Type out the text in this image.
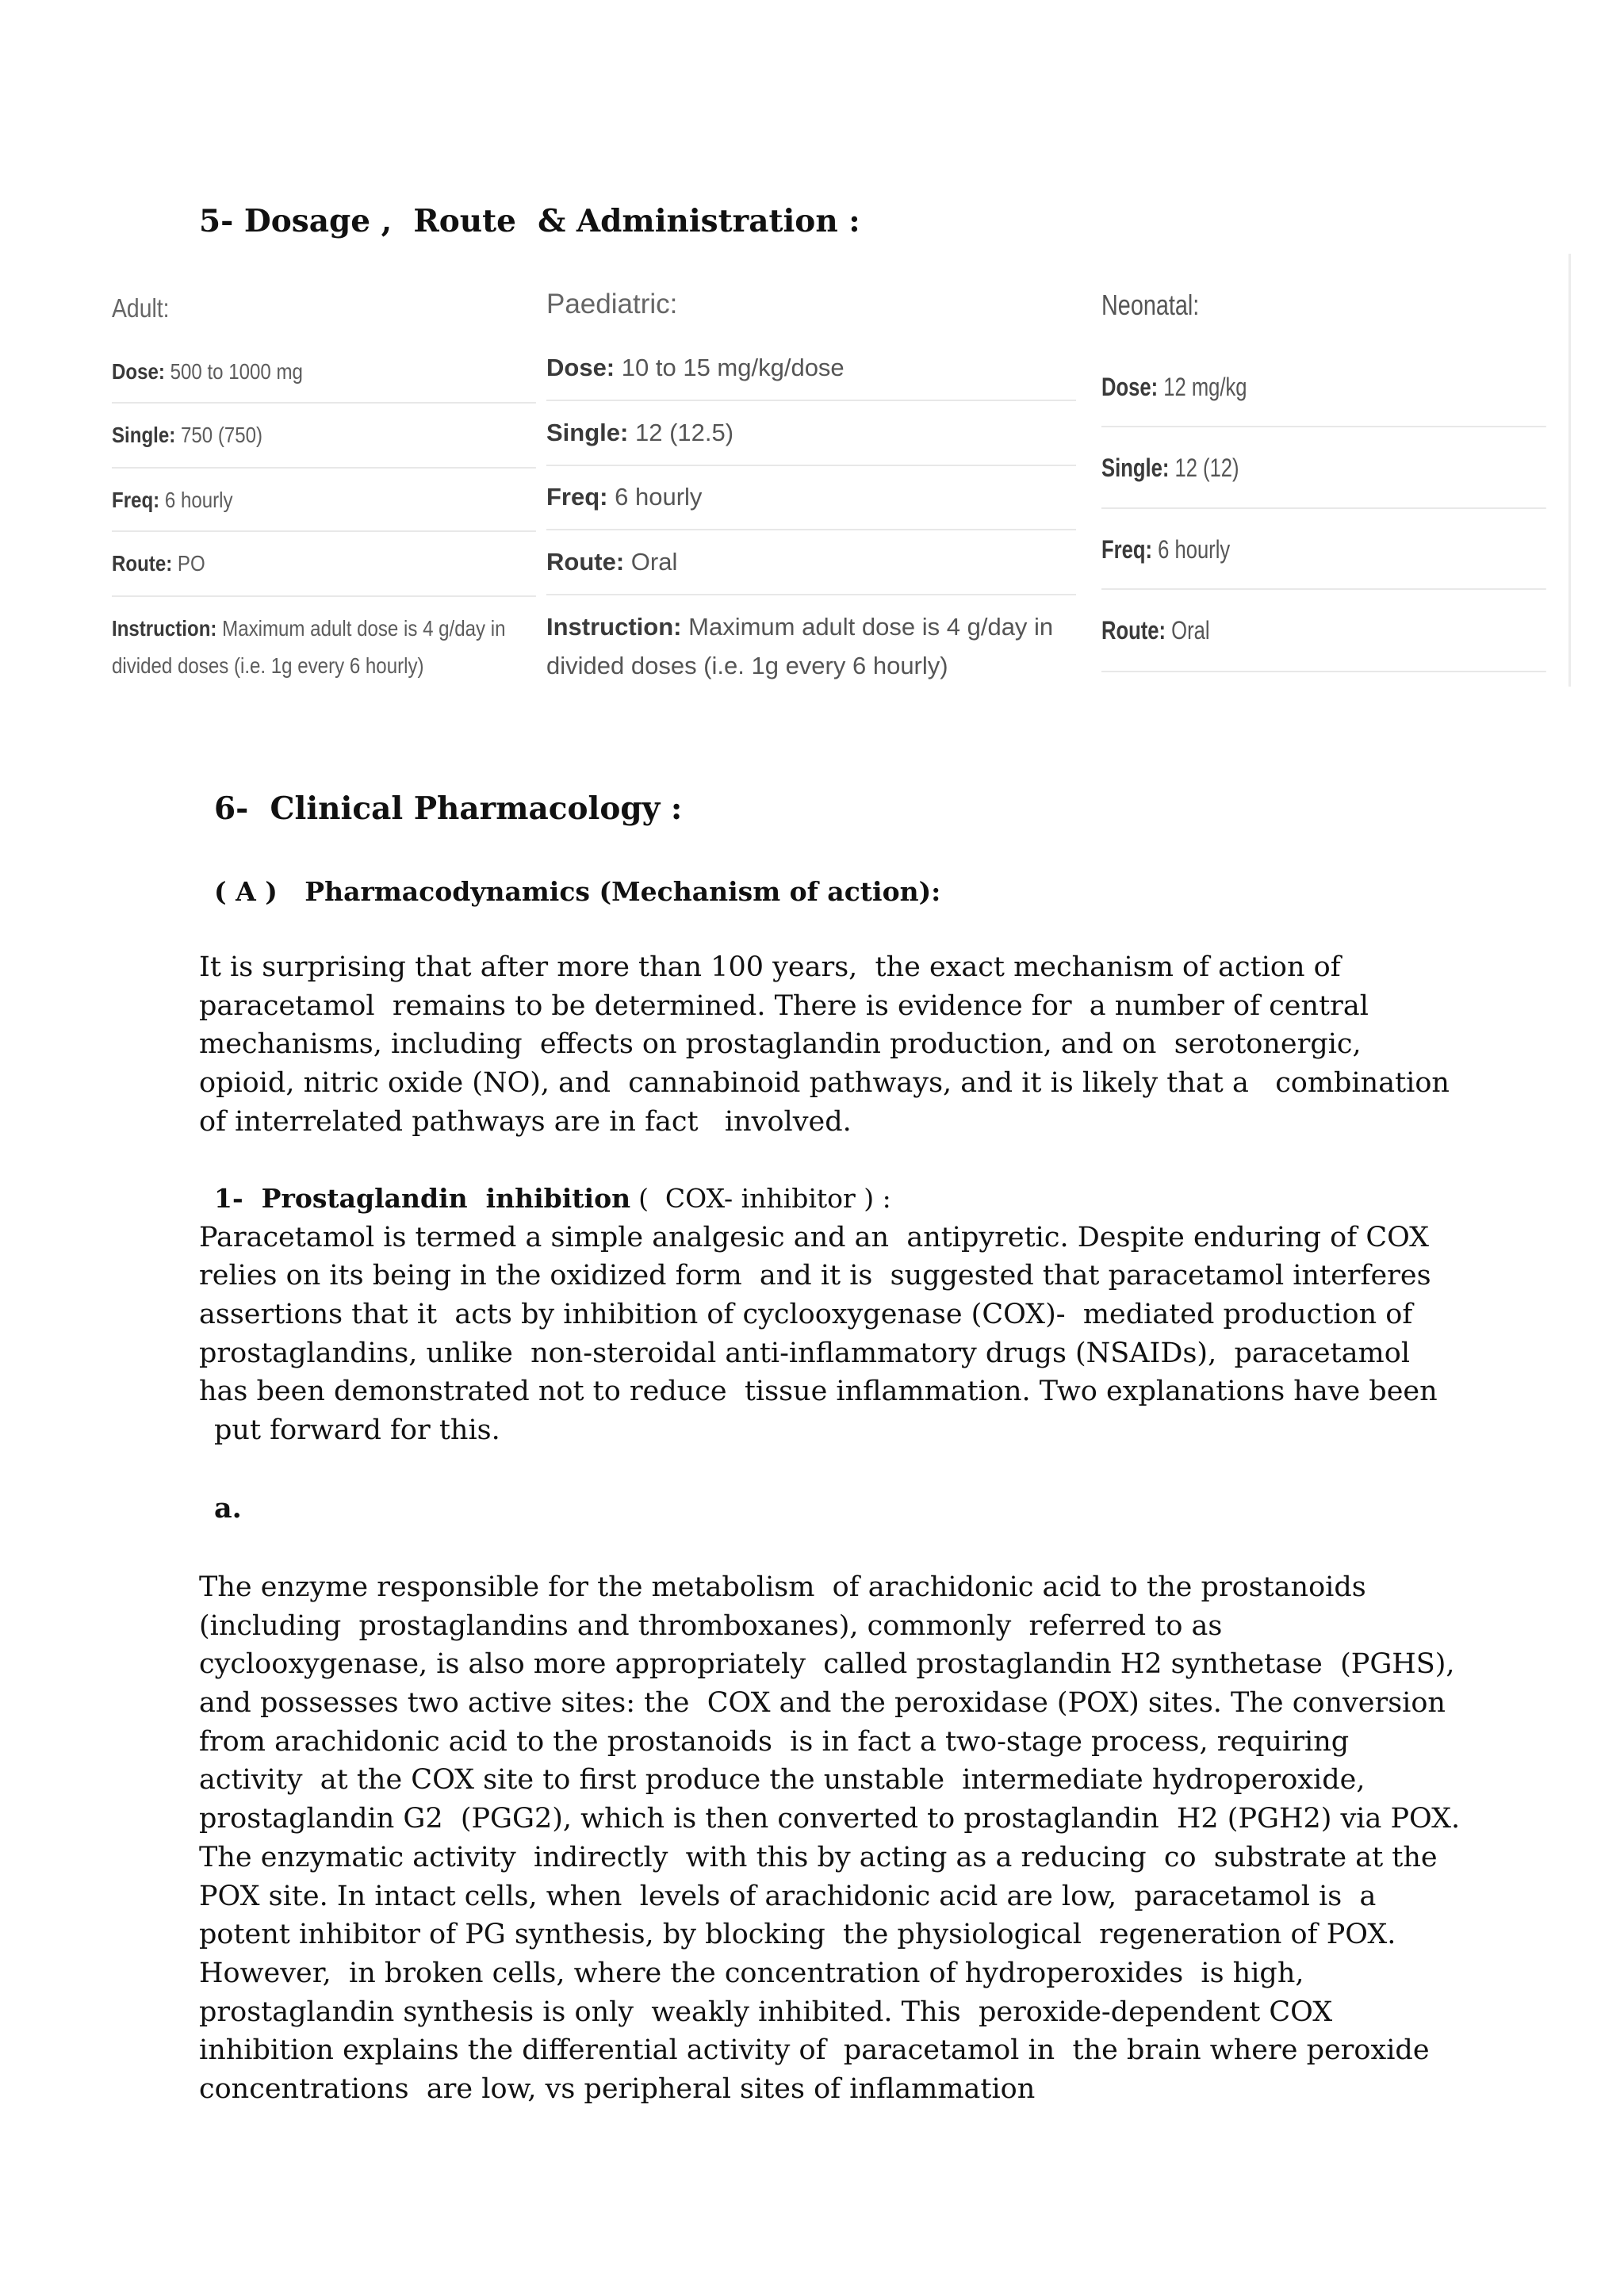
5- Dosage ,  Route  & Administration :
Adult:
Dose: 500 to 1000 mg
Single: 750 (750)
Freq: 6 hourly
Route: PO
Instruction: Maximum adult dose is 4 g/day in divided doses (i.e. 1g every 6 hourly)
Paediatric:
Dose: 10 to 15 mg/kg/dose
Single: 12 (12.5)
Freq: 6 hourly
Route: Oral
Instruction: Maximum adult dose is 4 g/day in divided doses (i.e. 1g every 6 hourly)
Neonatal:
Dose: 12 mg/kg
Single: 12 (12)
Freq: 6 hourly
Route: Oral
6-  Clinical Pharmacology :
( A )   Pharmacodynamics (Mechanism of action):
It is surprising that after more than 100 years,  the exact mechanism of action of
paracetamol  remains to be determined. There is evidence for  a number of central
mechanisms, including  effects on prostaglandin production, and on  serotonergic,
opioid, nitric oxide (NO), and  cannabinoid pathways, and it is likely that a   combination
of interrelated pathways are in fact   involved.
1-  Prostaglandin  inhibition (  COX- inhibitor ) :
Paracetamol is termed a simple analgesic and an  antipyretic. Despite enduring of COX
relies on its being in the oxidized form  and it is  suggested that paracetamol interferes
assertions that it  acts by inhibition of cyclooxygenase (COX)-  mediated production of
prostaglandins, unlike  non-steroidal anti-inflammatory drugs (NSAIDs),  paracetamol
has been demonstrated not to reduce  tissue inflammation. Two explanations have been
put forward for this.
a.
The enzyme responsible for the metabolism  of arachidonic acid to the prostanoids
(including  prostaglandins and thromboxanes), commonly  referred to as
cyclooxygenase, is also more appropriately  called prostaglandin H2 synthetase  (PGHS),
and possesses two active sites: the  COX and the peroxidase (POX) sites. The conversion
from arachidonic acid to the prostanoids  is in fact a two-stage process, requiring
activity  at the COX site to first produce the unstable  intermediate hydroperoxide,
prostaglandin G2  (PGG2), which is then converted to prostaglandin  H2 (PGH2) via POX.
The enzymatic activity  indirectly  with this by acting as a reducing  co  substrate at the
POX site. In intact cells, when  levels of arachidonic acid are low,  paracetamol is  a
potent inhibitor of PG synthesis, by blocking  the physiological  regeneration of POX.
However,  in broken cells, where the concentration of hydroperoxides  is high,
prostaglandin synthesis is only  weakly inhibited. This  peroxide-dependent COX
inhibition explains the differential activity of  paracetamol in  the brain where peroxide
concentrations  are low, vs peripheral sites of inflammation
